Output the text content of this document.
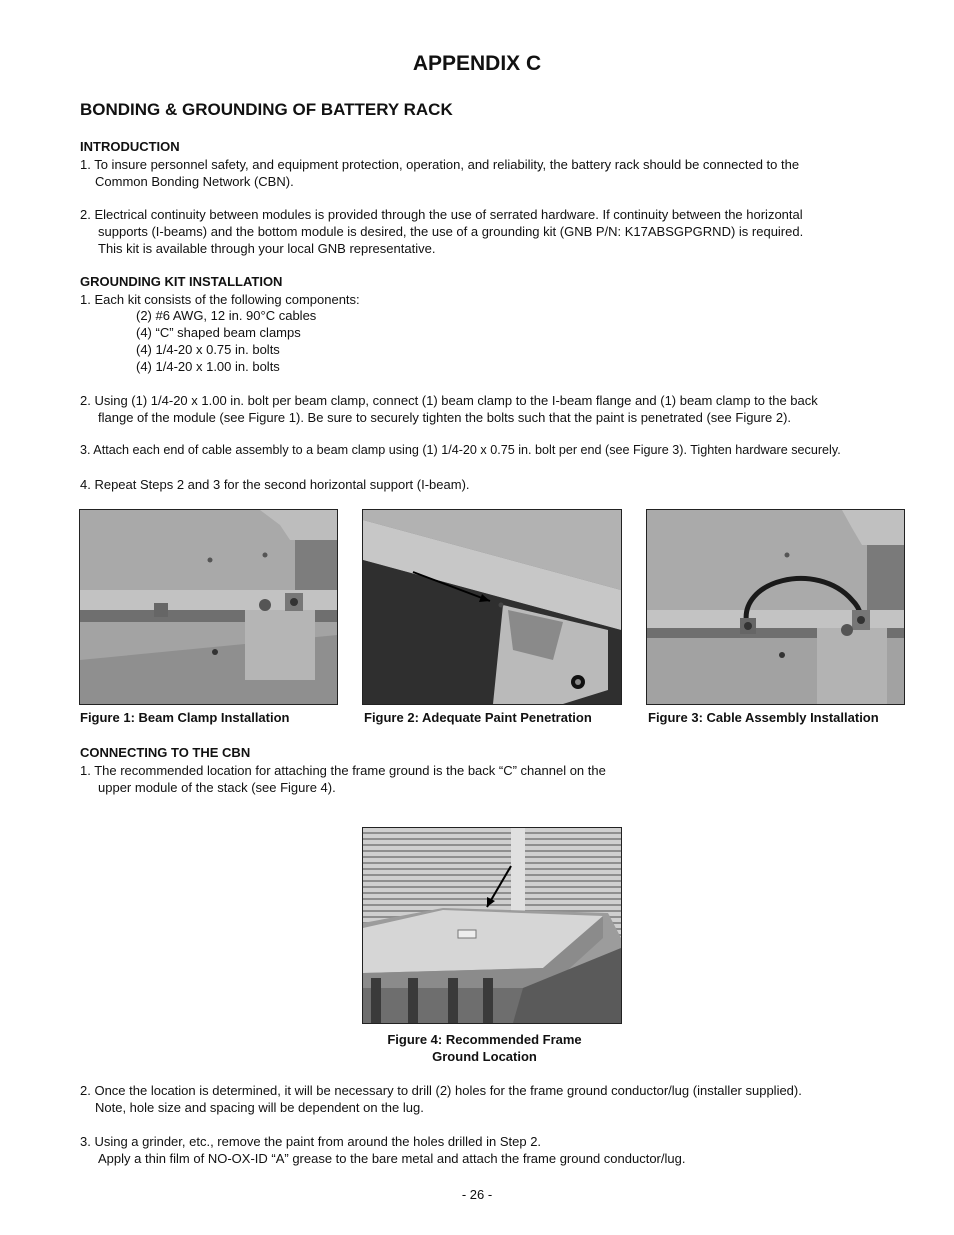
APPENDIX C
BONDING & GROUNDING OF BATTERY RACK
INTRODUCTION
1. To insure personnel safety, and equipment protection, operation, and reliability, the battery rack should be connected to the
Common Bonding Network (CBN).
2. Electrical continuity between modules is provided through the use of serrated hardware. If continuity between the horizontal
supports (I-beams) and the bottom module is desired, the use of a grounding kit (GNB P/N: K17ABSGPGRND) is required.
This kit is available through your local GNB representative.
GROUNDING KIT INSTALLATION
1. Each kit consists of the following components:
(2) #6 AWG, 12 in. 90°C cables
(4) “C” shaped beam clamps
(4) 1/4-20 x 0.75 in. bolts
(4) 1/4-20 x 1.00 in. bolts
2. Using (1) 1/4-20 x 1.00 in. bolt per beam clamp, connect (1) beam clamp to the I-beam flange and (1) beam clamp to the back
flange of the module (see Figure 1). Be sure to securely tighten the bolts such that the paint is penetrated (see Figure 2).
3. Attach each end of cable assembly to a beam clamp using (1) 1/4-20 x 0.75 in. bolt per end (see Figure 3). Tighten hardware securely.
4. Repeat Steps 2 and 3 for the second horizontal support (I-beam).
Figure 1: Beam Clamp Installation	Figure 2: Adequate Paint Penetration	Figure 3: Cable Assembly Installation
CONNECTING TO THE CBN
1. The recommended location for attaching the frame ground is the back “C” channel on the
upper module of the stack (see Figure 4).
Figure 4: Recommended Frame
Ground Location
2. Once the location is determined, it will be necessary to drill (2) holes for the frame ground conductor/lug (installer supplied).
Note, hole size and spacing will be dependent on the lug.
3. Using a grinder, etc., remove the paint from around the holes drilled in Step 2.
Apply a thin film of NO-OX-ID “A” grease to the bare metal and attach the frame ground conductor/lug.
- 26 -
